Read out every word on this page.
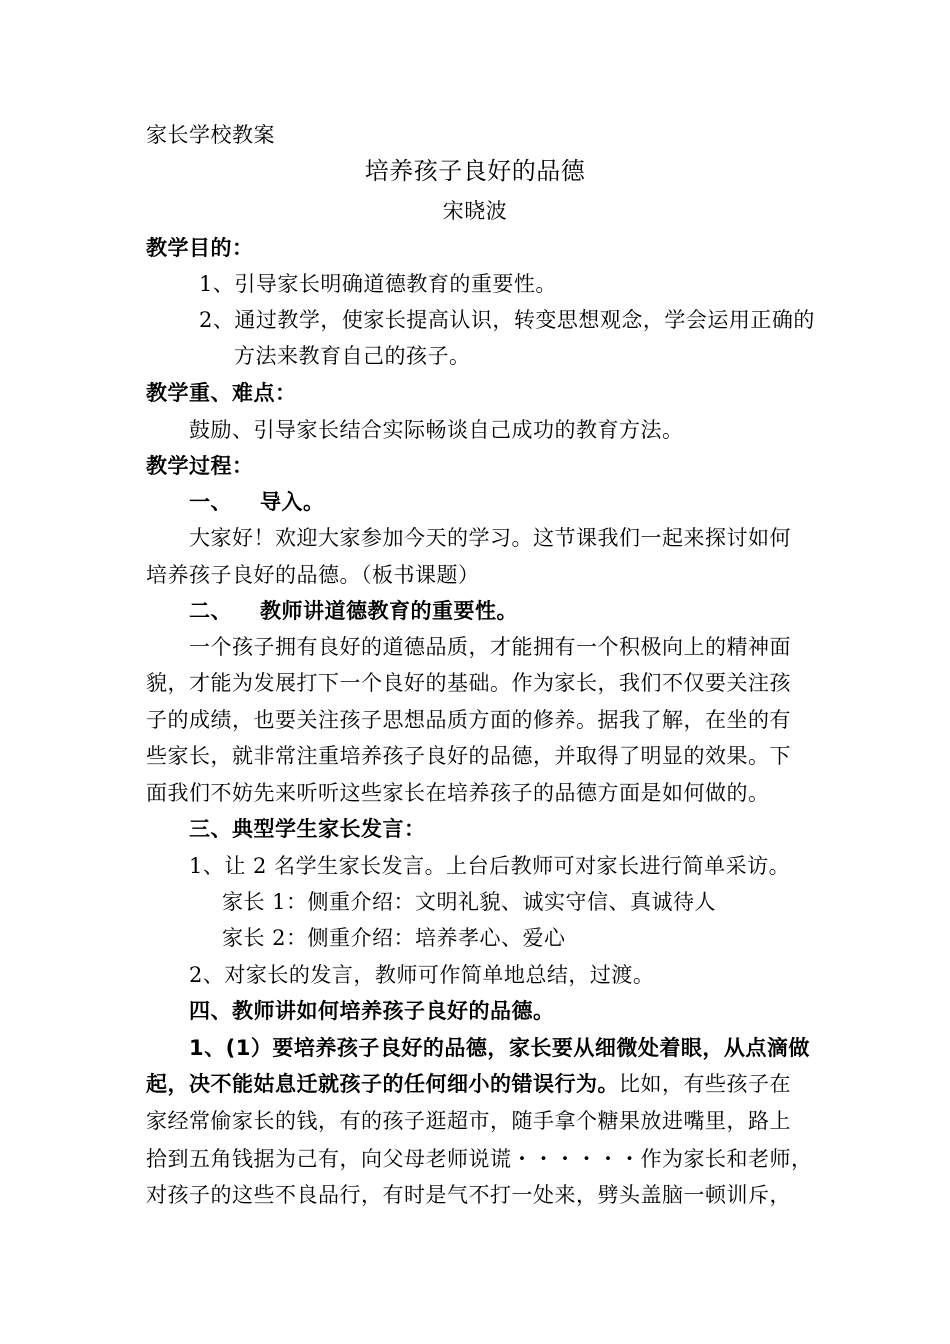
家长学校教案
培养孩子良好的品德
宋晓波
教学目的：
1、引导家长明确道德教育的重要性。
2、通过教学，使家长提高认识，转变思想观念，学会运用正确的
方法来教育自己的孩子。
教学重、难点：
鼓励、引导家长结合实际畅谈自己成功的教育方法。
教学过程：
一、 导入。
大家好！欢迎大家参加今天的学习。这节课我们一起来探讨如何
培养孩子良好的品德。（板书课题）
二、 教师讲道德教育的重要性。
一个孩子拥有良好的道德品质，才能拥有一个积极向上的精神面
貌，才能为发展打下一个良好的基础。作为家长，我们不仅要关注孩
子的成绩，也要关注孩子思想品质方面的修养。据我了解，在坐的有
些家长，就非常注重培养孩子良好的品德，并取得了明显的效果。下
面我们不妨先来听听这些家长在培养孩子的品德方面是如何做的。
三、典型学生家长发言：
1、让 2 名学生家长发言。上台后教师可对家长进行简单采访。
家长 1：侧重介绍：文明礼貌、诚实守信、真诚待人
家长 2：侧重介绍：培养孝心、爱心
2、对家长的发言，教师可作简单地总结，过渡。
四、教师讲如何培养孩子良好的品德。
1、(1）要培养孩子良好的品德，家长要从细微处着眼，从点滴做
起，决不能姑息迁就孩子的任何细小的错误行为。比如，有些孩子在
家经常偷家长的钱，有的孩子逛超市，随手拿个糖果放进嘴里，路上
拾到五角钱据为己有，向父母老师说谎・・・・・・作为家长和老师，
对孩子的这些不良品行，有时是气不打一处来，劈头盖脑一顿训斥，
